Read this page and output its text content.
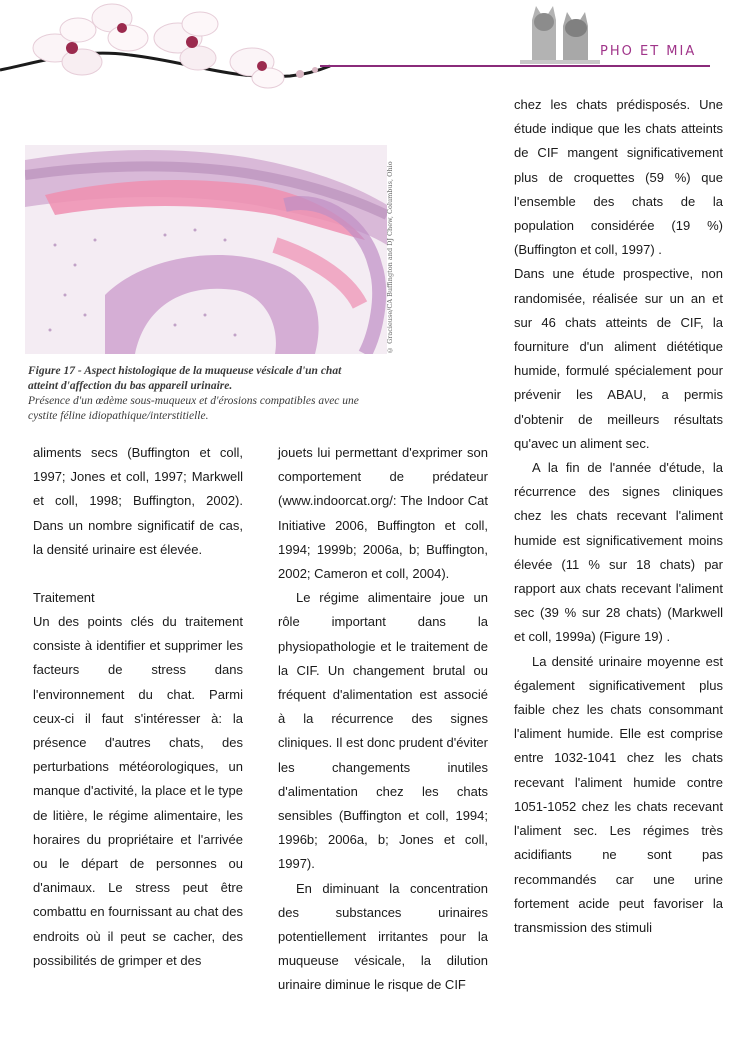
PHO ET MIA
© Gracieuse/CA Buffington and DJ Chew, Columbus, Ohio
Figure 17 - Aspect histologique de la muqueuse vésicale d'un chat atteint d'affection du bas appareil urinaire.
Présence d'un œdème sous-muqueux et d'érosions compatibles avec une cystite féline idiopathique/interstitielle.

aliments secs (Buffington et coll, 1997; Jones et coll, 1997; Markwell et coll, 1998; Buffington, 2002). Dans un nombre significatif de cas, la densité urinaire est élevée.

Traitement

Un des points clés du traitement consiste à identifier et supprimer les facteurs de stress dans l'environnement du chat. Parmi ceux-ci il faut s'intéresser à: la présence d'autres chats, des perturbations météorologiques, un manque d'activité, la place et le type de litière, le régime alimentaire, les horaires du propriétaire et l'arrivée ou le départ de personnes ou d'animaux. Le stress peut être combattu en fournissant au chat des endroits où il peut se cacher, des possibilités de grimper et des

jouets lui permettant d'exprimer son comportement de prédateur (www.indoorcat.org/: The Indoor Cat Initiative 2006, Buffington et coll, 1994; 1999b; 2006a, b; Buffington, 2002; Cameron et coll, 2004).

Le régime alimentaire joue un rôle important dans la physiopathologie et le traitement de la CIF. Un changement brutal ou fréquent d'alimentation est associé à la récurrence des signes cliniques. Il est donc prudent d'éviter les changements inutiles d'alimentation chez les chats sensibles (Buffington et coll, 1994; 1996b; 2006a, b; Jones et coll, 1997).

En diminuant la concentration des substances urinaires potentiellement irritantes pour la muqueuse vésicale, la dilution urinaire diminue le risque de CIF

chez les chats prédisposés. Une étude indique que les chats atteints de CIF mangent significativement plus de croquettes (59 %) que l'ensemble des chats de la population considérée (19 %) (Buffington et coll, 1997) .

Dans une étude prospective, non randomisée, réalisée sur un an et sur 46 chats atteints de CIF, la fourniture d'un aliment diététique humide, formulé spécialement pour prévenir les ABAU, a permis d'obtenir de meilleurs résultats qu'avec un aliment sec.

A la fin de l'année d'étude, la récurrence des signes cliniques chez les chats recevant l'aliment humide est significativement moins élevée (11 % sur 18 chats) par rapport aux chats recevant l'aliment sec (39 % sur 28 chats) (Markwell et coll, 1999a) (Figure 19) .

La densité urinaire moyenne est également significativement plus faible chez les chats consommant l'aliment humide. Elle est comprise entre 1032-1041 chez les chats recevant l'aliment humide contre 1051-1052 chez les chats recevant l'aliment sec. Les régimes très acidifiants ne sont pas recommandés car une urine fortement acide peut favoriser la transmission des stimuli
